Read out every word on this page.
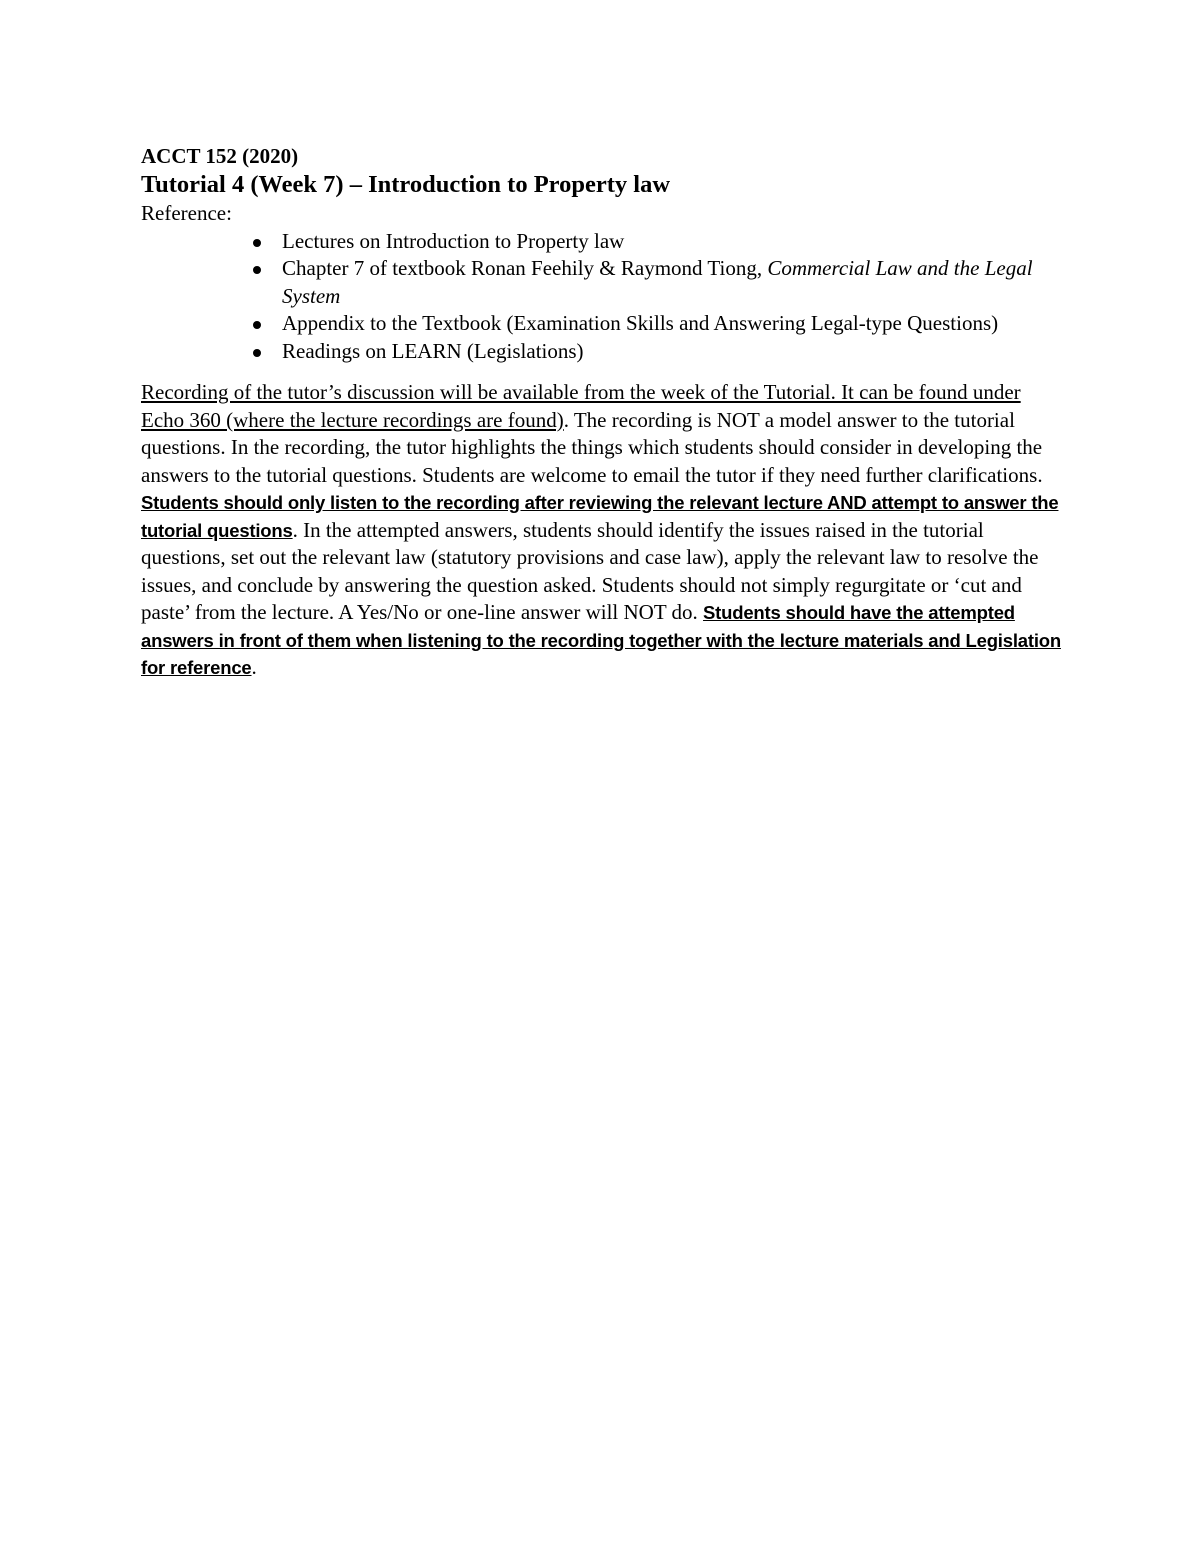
ACCT 152 (2020)

Tutorial 4 (Week 7) – Introduction to Property law

Reference:

Lectures on Introduction to Property law
Chapter 7 of textbook Ronan Feehily & Raymond Tiong, Commercial Law and the Legal System
Appendix to the Textbook (Examination Skills and Answering Legal-type Questions)
Readings on LEARN (Legislations)

Recording of the tutor’s discussion will be available from the week of the Tutorial. It can be found under Echo 360 (where the lecture recordings are found). The recording is NOT a model answer to the tutorial questions. In the recording, the tutor highlights the things which students should consider in developing the answers to the tutorial questions. Students are welcome to email the tutor if they need further clarifications.

Students should only listen to the recording after reviewing the relevant lecture AND attempt to answer the tutorial questions. In the attempted answers, students should identify the issues raised in the tutorial questions, set out the relevant law (statutory provisions and case law), apply the relevant law to resolve the issues, and conclude by answering the question asked. Students should not simply regurgitate or ‘cut and paste’ from the lecture. A Yes/No or one-line answer will NOT do. Students should have the attempted answers in front of them when listening to the recording together with the lecture materials and Legislation for reference.
